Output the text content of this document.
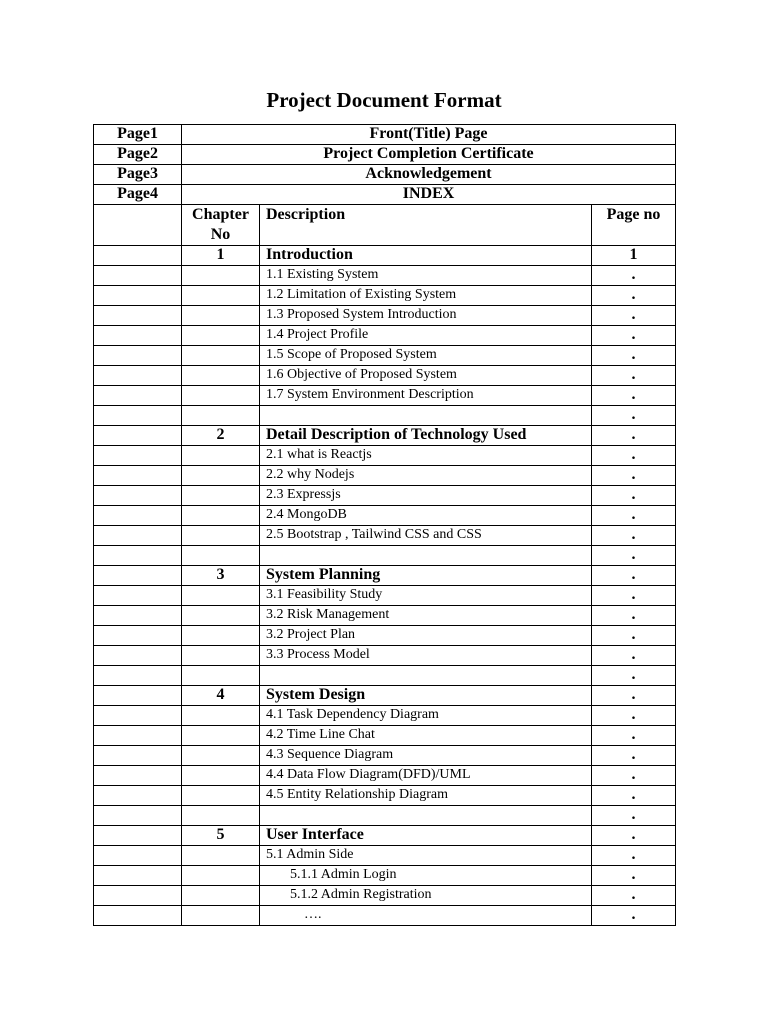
Project Document Format
Page1	Front(Title) Page		
Page2	Project Completion Certificate		
Page3	Acknowledgement		
Page4	INDEX		
	Chapter No	Description	Page no
	1	Introduction	1
		1.1 Existing System	.
		1.2 Limitation of Existing System	.
		1.3 Proposed System Introduction	.
		1.4 Project Profile	.
		1.5 Scope of Proposed System	.
		1.6 Objective of Proposed System	.
		1.7 System Environment Description	.
			.
	2	Detail Description of Technology Used	.
		2.1 what is Reactjs	.
		2.2 why Nodejs	.
		2.3 Expressjs	.
		2.4 MongoDB	.
		2.5 Bootstrap , Tailwind CSS and CSS	.
			.
	3	System Planning	.
		3.1 Feasibility Study	.
		3.2 Risk Management	.
		3.2 Project Plan	.
		3.3 Process Model	.
			.
	4	System Design	.
		4.1 Task Dependency Diagram	.
		4.2 Time Line Chat	.
		4.3 Sequence Diagram	.
		4.4 Data Flow Diagram(DFD)/UML	.
		4.5 Entity Relationship Diagram	.
			.
	5	User Interface	.
		5.1 Admin Side	.
		5.1.1 Admin Login	.
		5.1.2 Admin Registration	.
		….	.
